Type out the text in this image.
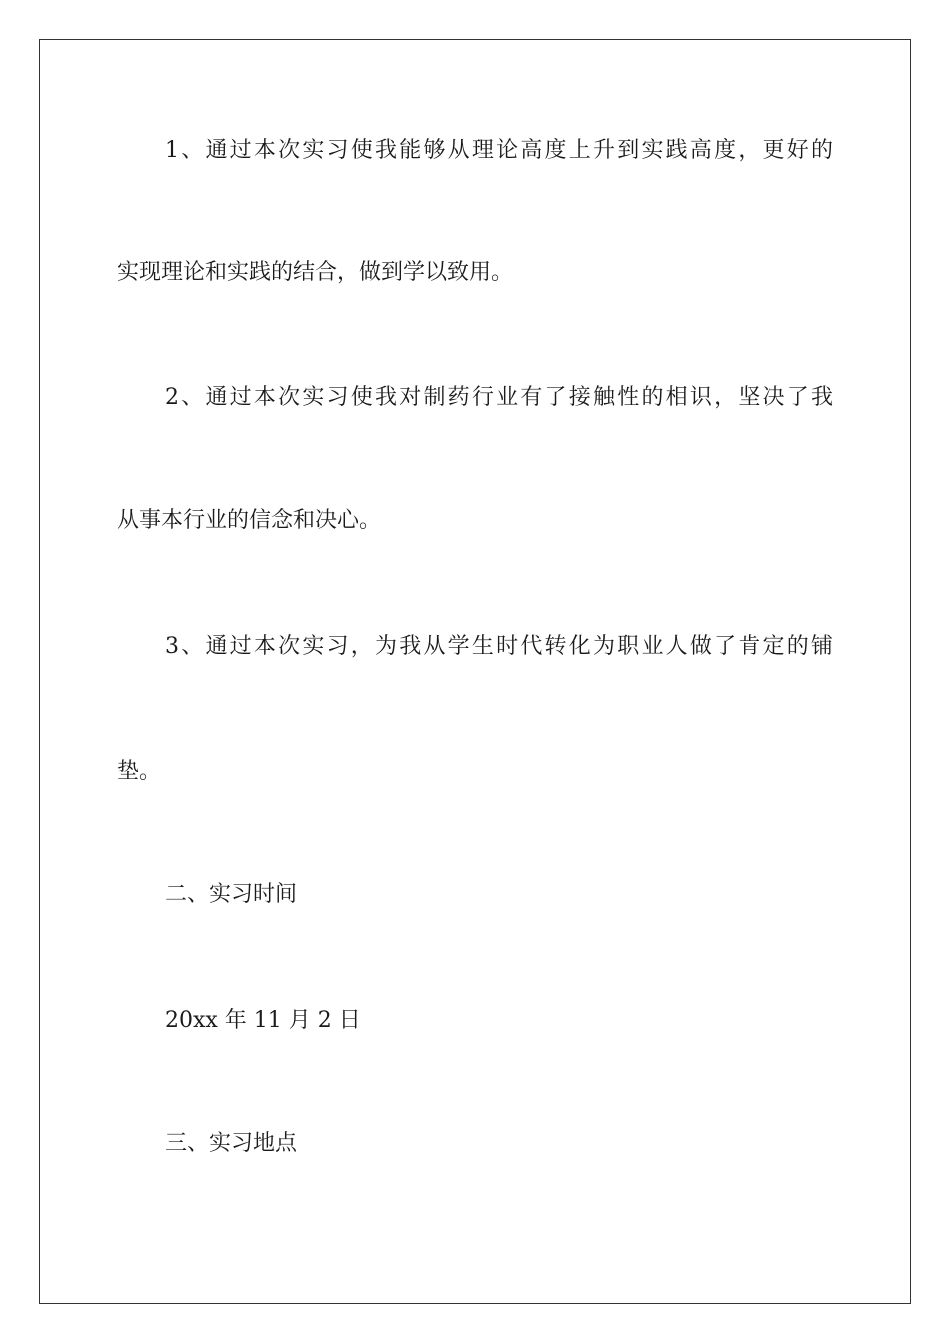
1、通过本次实习使我能够从理论高度上升到实践高度，更好的
实现理论和实践的结合，做到学以致用。
2、通过本次实习使我对制药行业有了接触性的相识，坚决了我
从事本行业的信念和决心。
3、通过本次实习，为我从学生时代转化为职业人做了肯定的铺
垫。
二、实习时间
20xx 年 11 月 2 日
三、实习地点
